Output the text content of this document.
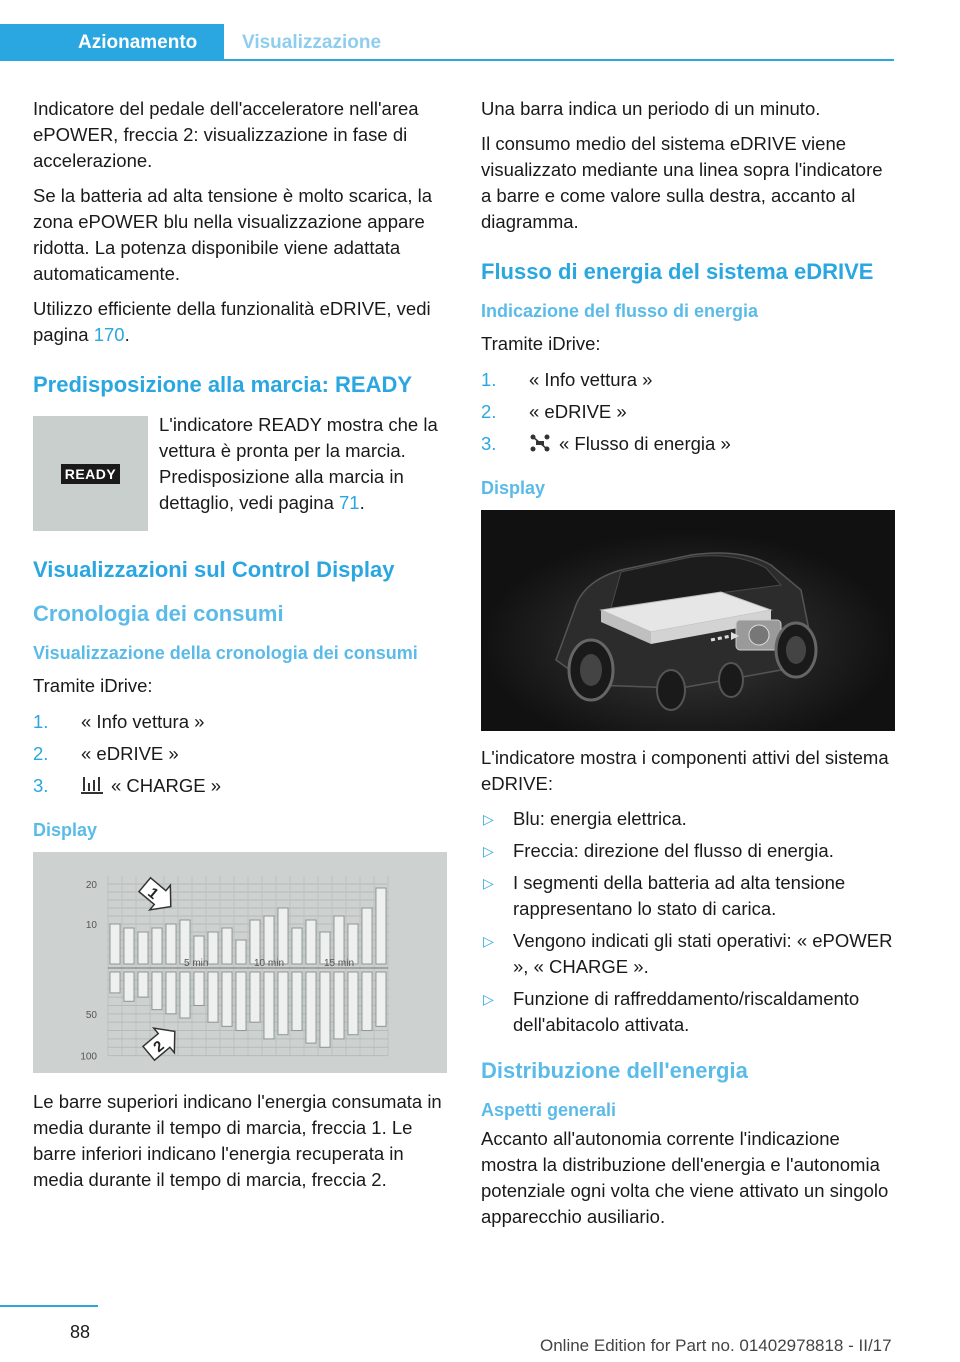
Azionamento	Visualizzazione

Indicatore del pedale dell'acceleratore nell'area ePOWER, freccia 2: visualizzazione in fase di accelerazione.

Se la batteria ad alta tensione è molto scarica, la zona ePOWER blu nella visualizzazione appare ridotta. La potenza disponibile viene adattata automaticamente.

Utilizzo efficiente della funzionalità eDRIVE, vedi pagina 170.

Predisposizione alla marcia: READY
READY

L'indicatore READY mostra che la vettura è pronta per la marcia. Predisposizione alla marcia in dettaglio, vedi pagina 71.

Visualizzazioni sul Control Display
Cronologia dei consumi
Visualizzazione della cronologia dei consumi

Tramite iDrive:

1. « Info vettura »
2. « eDRIVE »
3.	« CHARGE »
Display
20
10
50
100
5 min	10 min	15 min
1
2

Le barre superiori indicano l'energia consumata in media durante il tempo di marcia, freccia 1. Le barre inferiori indicano l'energia recuperata in media durante il tempo di marcia, freccia 2.

Una barra indica un periodo di un minuto.

Il consumo medio del sistema eDRIVE viene visualizzato mediante una linea sopra l'indicatore a barre e come valore sulla destra, accanto al diagramma.

Flusso di energia del sistema eDRIVE
Indicazione del flusso di energia

Tramite iDrive:

1. « Info vettura »
2. « eDRIVE »
3.	« Flusso di energia »
Display

L'indicatore mostra i componenti attivi del sistema eDRIVE:

▷ Blu: energia elettrica.
▷ Freccia: direzione del flusso di energia.
▷ I segmenti della batteria ad alta tensione rappresentano lo stato di carica.
▷ Vengono indicati gli stati operativi: « ePOWER », « CHARGE ».
▷ Funzione di raffreddamento/riscaldamento dell'abitacolo attivata.
Distribuzione dell'energia
Aspetti generali

Accanto all'autonomia corrente l'indicazione mostra la distribuzione dell'energia e l'autonomia potenziale ogni volta che viene attivato un singolo apparecchio ausiliario.

88
Online Edition for Part no. 01402978818 - II/17
